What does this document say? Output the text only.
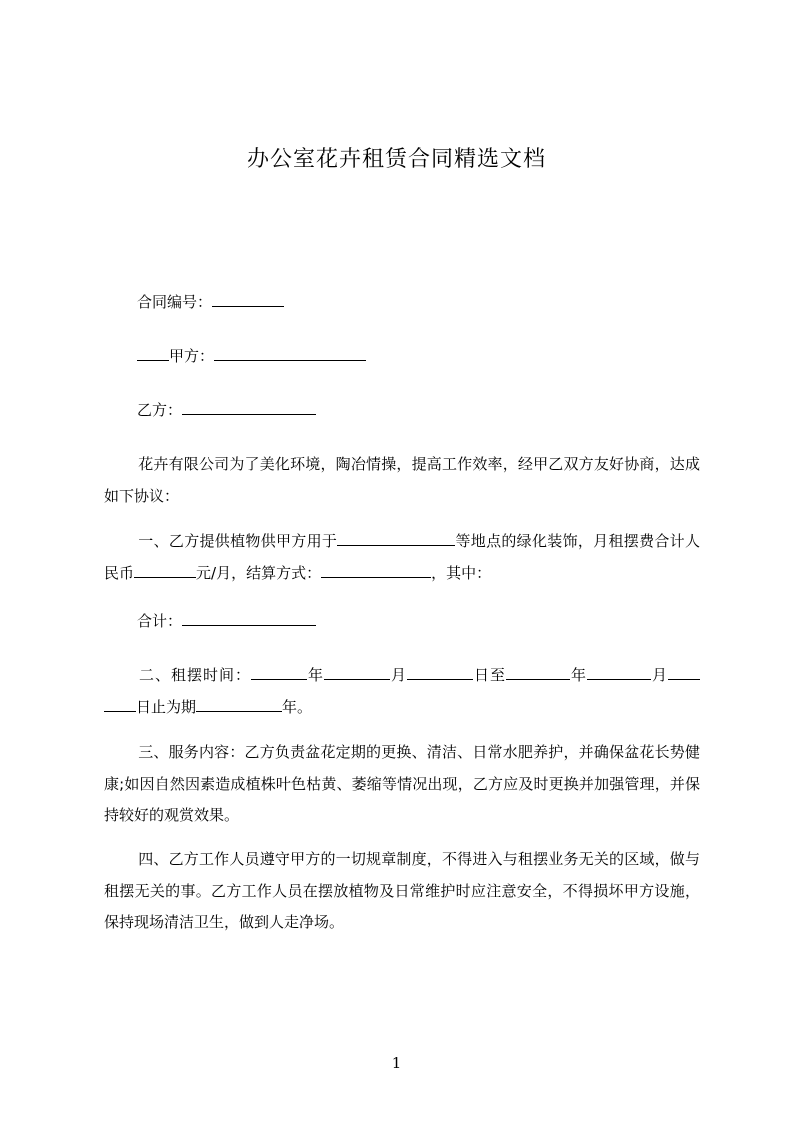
办公室花卉租赁合同精选文档
合同编号：
甲方：
乙方：
花卉有限公司为了美化环境，陶冶情操，提高工作效率，经甲乙双方友好协商，达成如下协议：
一、乙方提供植物供甲方用于	等地点的绿化装饰，月租摆费合计人民币	元/月，结算方式：	，其中：
合计：
二、租摆时间：	年	月	日至	年	月日止为期	年。
三、服务内容：乙方负责盆花定期的更换、清洁、日常水肥养护，并确保盆花长势健康;如因自然因素造成植株叶色枯黄、萎缩等情况出现，乙方应及时更换并加强管理，并保持较好的观赏效果。
四、乙方工作人员遵守甲方的一切规章制度，不得进入与租摆业务无关的区域，做与租摆无关的事。乙方工作人员在摆放植物及日常维护时应注意安全，不得损坏甲方设施，保持现场清洁卫生，做到人走净场。
1
